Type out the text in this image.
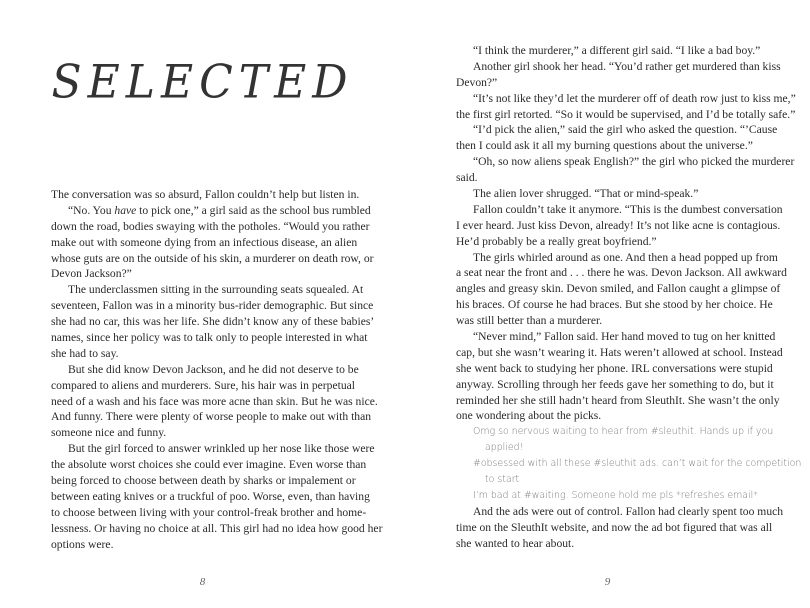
SELECTED
The conversation was so absurd, Fallon couldn’t help but listen in.
“No. You have to pick one,” a girl said as the school bus rumbled
down the road, bodies swaying with the potholes. “Would you rather
make out with someone dying from an infectious disease, an alien
whose guts are on the outside of his skin, a murderer on death row, or
Devon Jackson?”
The underclassmen sitting in the surrounding seats squealed. At
seventeen, Fallon was in a minority bus-rider demographic. But since
she had no car, this was her life. She didn’t know any of these babies’
names, since her policy was to talk only to people interested in what
she had to say.
But she did know Devon Jackson, and he did not deserve to be
compared to aliens and murderers. Sure, his hair was in perpetual
need of a wash and his face was more acne than skin. But he was nice.
And funny. There were plenty of worse people to make out with than
someone nice and funny.
But the girl forced to answer wrinkled up her nose like those were
the absolute worst choices she could ever imagine. Even worse than
being forced to choose between death by sharks or impalement or
between eating knives or a truckful of poo. Worse, even, than having
to choose between living with your control-freak brother and home-
lessness. Or having no choice at all. This girl had no idea how good her
options were.
8
“I think the murderer,” a different girl said. “I like a bad boy.”
Another girl shook her head. “You’d rather get murdered than kiss
Devon?”
“It’s not like they’d let the murderer off of death row just to kiss me,”
the first girl retorted. “So it would be supervised, and I’d be totally safe.”
“I’d pick the alien,” said the girl who asked the question. “’Cause
then I could ask it all my burning questions about the universe.”
“Oh, so now aliens speak English?” the girl who picked the murderer
said.
The alien lover shrugged. “That or mind-speak.”
Fallon couldn’t take it anymore. “This is the dumbest conversation
I ever heard. Just kiss Devon, already! It’s not like acne is contagious.
He’d probably be a really great boyfriend.”
The girls whirled around as one. And then a head popped up from
a seat near the front and . . . there he was. Devon Jackson. All awkward
angles and greasy skin. Devon smiled, and Fallon caught a glimpse of
his braces. Of course he had braces. But she stood by her choice. He
was still better than a murderer.
“Never mind,” Fallon said. Her hand moved to tug on her knitted
cap, but she wasn’t wearing it. Hats weren’t allowed at school. Instead
she went back to studying her phone. IRL conversations were stupid
anyway. Scrolling through her feeds gave her something to do, but it
reminded her she still hadn’t heard from SleuthIt. She wasn’t the only
one wondering about the picks.
Omg so nervous waiting to hear from #sleuthit. Hands up if you
applied!
#obsessed with all these #sleuthit ads. can’t wait for the competition
to start
I’m bad at #waiting. Someone hold me pls *refreshes email*
And the ads were out of control. Fallon had clearly spent too much
time on the SleuthIt website, and now the ad bot figured that was all
she wanted to hear about.
9
